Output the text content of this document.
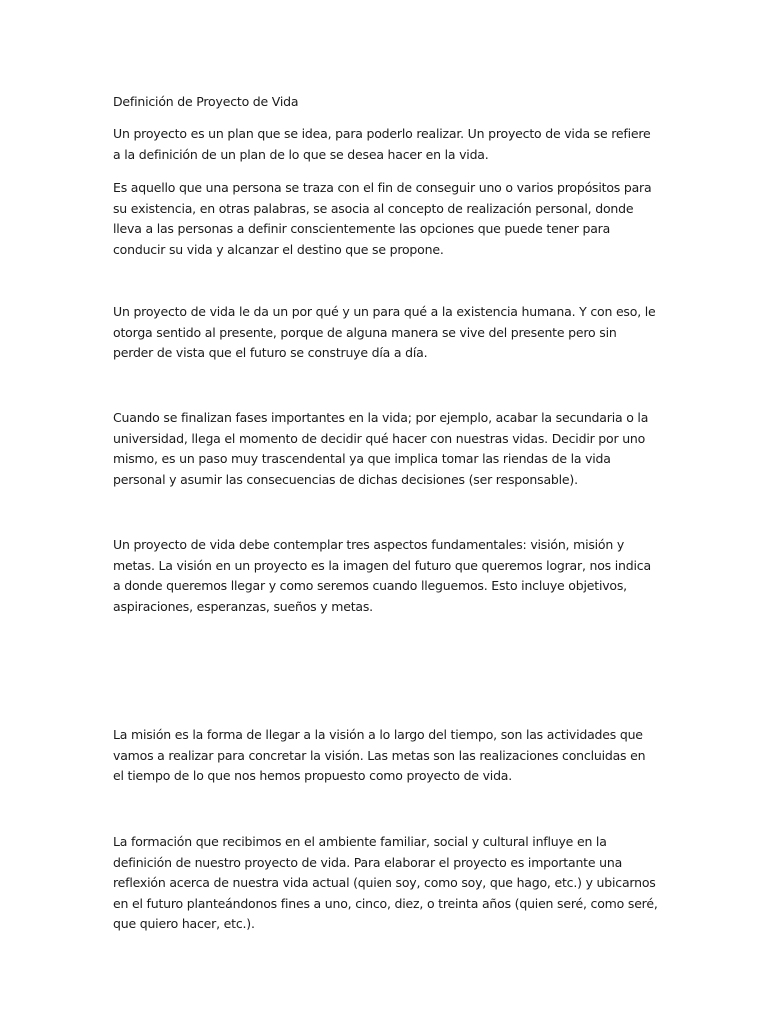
Definición de Proyecto de Vida

Un proyecto es un plan que se idea, para poderlo realizar. Un proyecto de vida se refiere a la definición de un plan de lo que se desea hacer en la vida.

Es aquello que una persona se traza con el fin de conseguir uno o varios propósitos para su existencia, en otras palabras, se asocia al concepto de realización personal, donde lleva a las personas a definir conscientemente las opciones que puede tener para conducir su vida y alcanzar el destino que se propone.

Un proyecto de vida le da un por qué y un para qué a la existencia humana. Y con eso, le otorga sentido al presente, porque de alguna manera se vive del presente pero sin perder de vista que el futuro se construye día a día.

Cuando se finalizan fases importantes en la vida; por ejemplo, acabar la secundaria o la universidad, llega el momento de decidir qué hacer con nuestras vidas. Decidir por uno mismo, es un paso muy trascendental ya que implica tomar las riendas de la vida personal y asumir las consecuencias de dichas decisiones (ser responsable).

Un proyecto de vida debe contemplar tres aspectos fundamentales: visión, misión y metas. La visión en un proyecto es la imagen del futuro que queremos lograr, nos indica a donde queremos llegar y como seremos cuando lleguemos. Esto incluye objetivos, aspiraciones, esperanzas, sueños y metas.

La misión es la forma de llegar a la visión a lo largo del tiempo, son las actividades que vamos a realizar para concretar la visión. Las metas son las realizaciones concluidas en el tiempo de lo que nos hemos propuesto como proyecto de vida.

La formación que recibimos en el ambiente familiar, social y cultural influye en la definición de nuestro proyecto de vida. Para elaborar el proyecto es importante una reflexión acerca de nuestra vida actual (quien soy, como soy, que hago, etc.) y ubicarnos en el futuro planteándonos fines a uno, cinco, diez, o treinta años (quien seré, como seré, que quiero hacer, etc.).
